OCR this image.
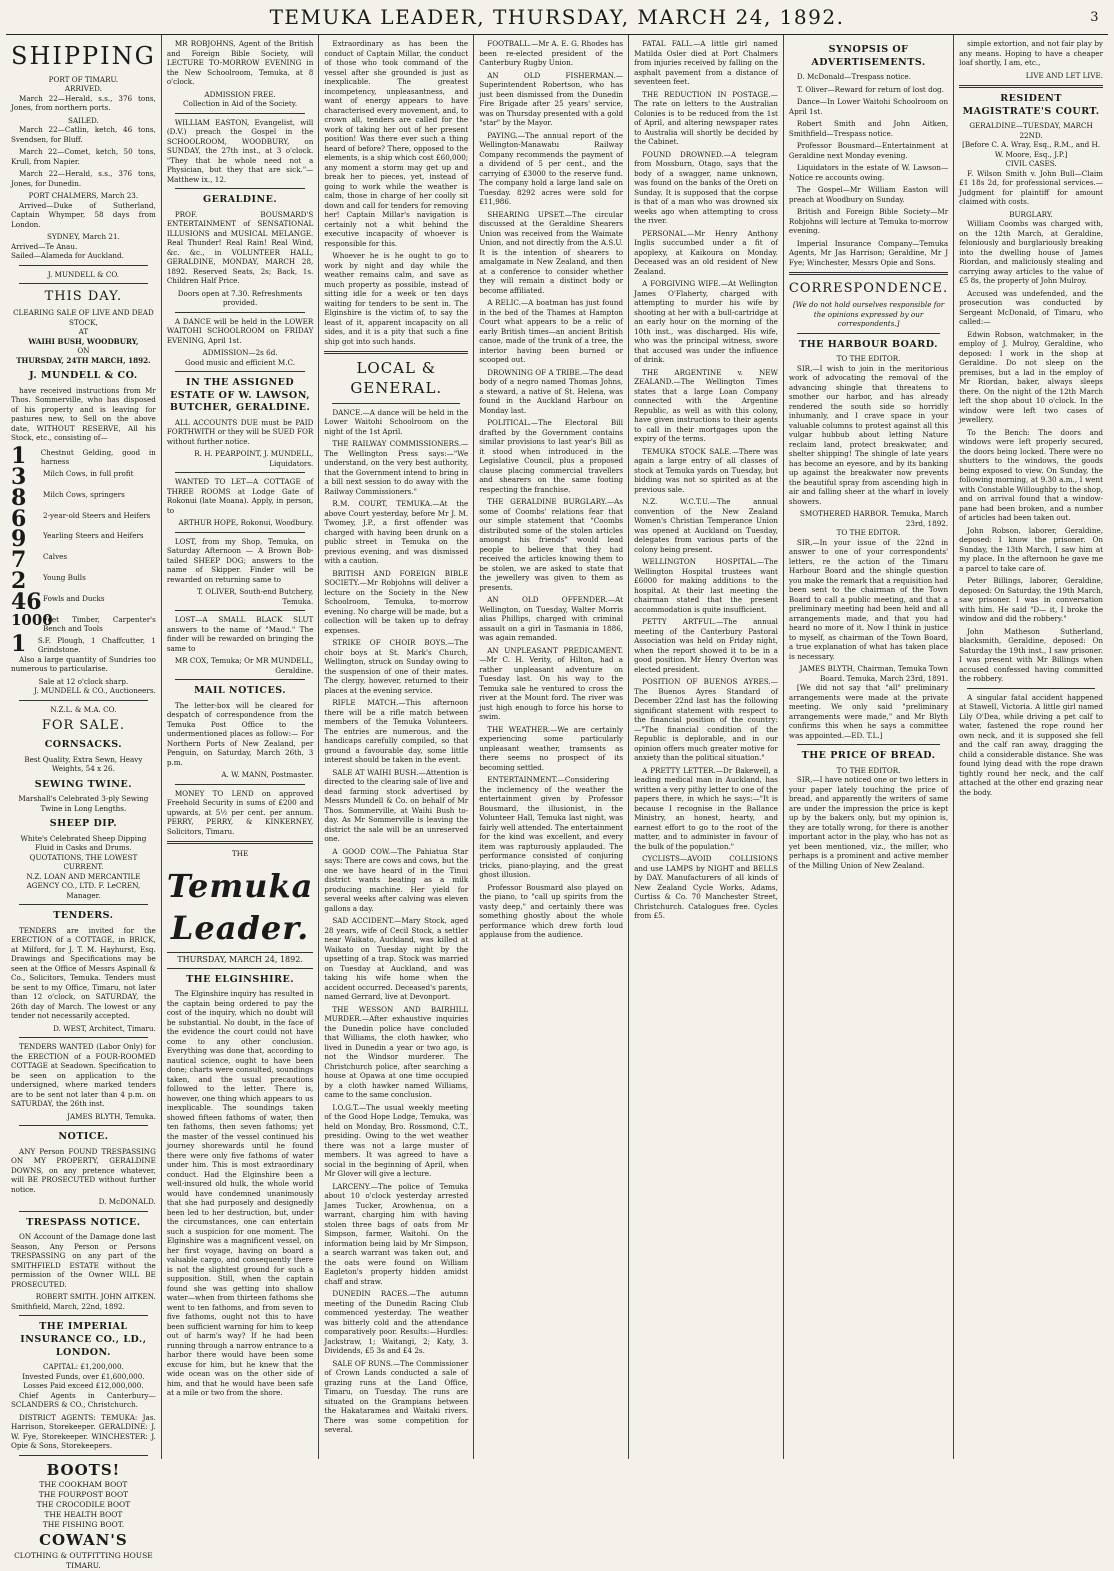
TEMUKA LEADER, THURSDAY, MARCH 24, 1892.	3
SHIPPING
PORT OF TIMARU.
ARRIVED.

March 22—Herald, s.s., 376 tons, Jones, from northern ports.

SAILED.

March 22—Catlin, ketch, 46 tons, Svendsen, for Bluff.

March 22—Comet, ketch, 50 tons, Krull, from Napier.

March 22—Herald, s.s., 376 tons, Jones, for Dunedin.

PORT CHALMERS, March 23.

Arrived—Duke of Sutherland, Captain Whymper, 58 days from London.

SYDNEY, March 21.
Arrived—Te Anau.
Sailed—Alameda for Auckland.
J. MUNDELL & CO.
THIS DAY.
CLEARING SALE OF LIVE AND DEAD STOCK,
AT
WAIHI BUSH, WOODBURY,
ON
THURSDAY, 24TH MARCH, 1892.
J. MUNDELL & CO.

have received instructions from Mr Thos. Sommerville, who has disposed of his property and is leaving for pastures new, to Sell on the above date, WITHOUT RESERVE, All his Stock, etc., consisting of—

1	Chestnut Gelding, good in harness
3	Milch Cows, in full profit
8	Milch Cows, springers
6	2-year-old Steers and Heifers
9	Yearling Steers and Heifers
7	Calves
2	Young Bulls
46 Fowls and Ducks
1000
Feet Timber, Carpenter's Bench and Tools
1	S.F. Plough, 1 Chaffcutter, 1 Grindstone.

Also a large quantity of Sundries too numerous to particularise.

Sale at 12 o'clock sharp.
J. MUNDELL & CO., Auctioneers.
N.Z.L. & M.A. CO.
FOR SALE.
CORNSACKS.
Best Quality, Extra Sewn, Heavy Weights, 54 x 26.
SEWING TWINE.
Marshall's Celebrated 3-ply Sewing Twine in Long Lengths.
SHEEP DIP.
White's Celebrated Sheep Dipping Fluid in Casks and Drums. QUOTATIONS, THE LOWEST CURRENT.
N.Z. LOAN AND MERCANTILE AGENCY CO., LTD. F. LeCREN, Manager.
TENDERS.

TENDERS are invited for the ERECTION of a COTTAGE, in BRICK, at Milford, for J. T. M. Hayhurst, Esq. Drawings and Specifications may be seen at the Office of Messrs Aspinall & Co., Solicitors, Temuka. Tenders must be sent to my Office, Timaru, not later than 12 o'clock, on SATURDAY, the 26th day of March. The lowest or any tender not necessarily accepted.

D. WEST, Architect, Timaru.

TENDERS WANTED (Labor Only) for the ERECTION of a FOUR-ROOMED COTTAGE at Seadown. Specification to be seen on application to the undersigned, where marked tenders are to be sent not later than 4 p.m. on SATURDAY, the 26th inst.

JAMES BLYTH, Temuka.
NOTICE.

ANY Person FOUND TRESPASSING ON MY PROPERTY, GERALDINE DOWNS, on any pretence whatever, will BE PROSECUTED without further notice.

D. McDONALD.
TRESPASS NOTICE.

ON Account of the Damage done last Season, Any Person or Persons TRESPASSING on any part of the SMITHFIELD ESTATE without the permission of the Owner WILL BE PROSECUTED.

ROBERT SMITH. JOHN AITKEN.
Smithfield, March, 22nd, 1892.
THE IMPERIAL INSURANCE CO., LD., LONDON.
CAPITAL: £1,200,000.
Invested Funds, over £1,600,000. Losses Paid exceed £12,000,000.

Chief Agents in Canterbury— SCLANDERS & CO., Christchurch.

DISTRICT AGENTS: TEMUKA: Jas. Harrison, Storekeeper. GERALDINE: J. W. Fye, Storekeeper. WINCHESTER: J. Opie & Sons, Storekeepers.

BOOTS!
THE COOKHAM BOOT
THE FOURPOST BOOT
THE CROCODILE BOOT
THE HEALTH BOOT
THE FISHING BOOT.
COWAN'S
CLOTHING & OUTFITTING HOUSE TIMARU.

MR ROBJOHNS, Agent of the British and Foreign Bible Society, will LECTURE TO-MORROW EVENING in the New Schoolroom, Temuka, at 8 o'clock.

ADMISSION FREE.
Collection in Aid of the Society.

WILLIAM EASTON, Evangelist, will (D.V.) preach the Gospel in the SCHOOLROOM, WOODBURY, on SUNDAY, the 27th inst., at 3 o'clock. "They that be whole need not a Physician, but they that are sick."— Matthew ix., 12.

GERALDINE.

PROF. BOUSMARD'S ENTERTAINMENT of SENSATIONAL ILLUSIONS and MUSICAL MELANGE. Real Thunder! Real Rain! Real Wind, &c. &c., in VOLUNTEER HALL, GERALDINE, MONDAY, MARCH 28, 1892. Reserved Seats, 2s; Back, 1s. Children Half Price.

Doors open at 7.30. Refreshments provided.

A DANCE will be held in the LOWER WAITOHI SCHOOLROOM on FRIDAY EVENING, April 1st.

ADMISSION—2s 6d.
Good music and efficient M.C.
IN THE ASSIGNED ESTATE OF W. LAWSON, BUTCHER, GERALDINE.

ALL ACCOUNTS DUE must be PAID FORTHWITH or they will be SUED FOR without further notice.

R. H. PEARPOINT, J. MUNDELL, Liquidators.

WANTED TO LET—A COTTAGE of THREE ROOMS at Lodge Gate of Rokonui (late Moana). Apply, in person, to

ARTHUR HOPE, Rokonui, Woodbury.

LOST, from my Shop, Temuka, on Saturday Afternoon — A Brown Bob-tailed SHEEP DOG; answers to the name of Skipper. Finder will be rewarded on returning same to

T. OLIVER, South-end Butchery, Temuka.

LOST—A SMALL BLACK SLUT answers to the name of "Maud." The finder will be rewarded on bringing the same to

MR COX, Temuka; Or MR MUNDELL, Geraldine.
MAIL NOTICES.

The letter-box will be cleared for despatch of correspondence from the Temuka Post Office to the undermentioned places as follow:— For Northern Ports of New Zealand, per Penguin, on Saturday, March 26th, 3 p.m.

A. W. MANN, Postmaster.

MONEY TO LEND on approved Freehold Security in sums of £200 and upwards, at 5½ per cent. per annum. PERRY, PERRY, & KINKERNEY, Solicitors, Timaru.

THE
Temuka Leader.
THURSDAY, MARCH 24, 1892.
THE ELGINSHIRE.

The Elginshire inquiry has resulted in the captain being ordered to pay the cost of the inquiry, which no doubt will be substantial. No doubt, in the face of the evidence the court could not have come to any other conclusion. Everything was done that, according to nautical science, ought to have been done; charts were consulted, soundings taken, and the usual precautions followed to the letter. There is, however, one thing which appears to us inexplicable. The soundings taken showed fifteen fathoms of water, then ten fathoms, then seven fathoms; yet the master of the vessel continued his journey shorewards until he found there were only five fathoms of water under him. This is most extraordinary conduct. Had the Elginshire been a well-insured old hulk, the whole world would have condemned unanimously that she had purposely and designedly been led to her destruction, but, under the circumstances, one can entertain such a suspicion for one moment. The Elginshire was a magnificent vessel, on her first voyage, having on board a valuable cargo, and consequently there is not the slightest ground for such a supposition. Still, when the captain found she was getting into shallow water—when from thirteen fathoms she went to ten fathoms, and from seven to five fathoms, ought not this to have been sufficient warning for him to keep out of harm's way? If he had been running through a narrow entrance to a harbor there would have been some excuse for him, but he knew that the wide ocean was on the other side of him, and that he would have been safe at a mile or two from the shore.

Extraordinary as has been the conduct of Captain Millar, the conduct of those who took command of the vessel after she grounded is just as inexplicable. The greatest incompetency, unpleasantness, and want of energy appears to have characterised every movement, and, to crown all, tenders are called for the work of taking her out of her present position! Was there ever such a thing heard of before? There, opposed to the elements, is a ship which cost £60,000; any moment a storm may get up and break her to pieces, yet, instead of going to work while the weather is calm, those in charge of her coolly sit down and call for tenders for removing her! Captain Millar's navigation is certainly not a whit behind the executive incapacity of whoever is responsible for this.

Whoever he is he ought to go to work by night and day while the weather remains calm, and save as much property as possible, instead of sitting idle for a week or ten days waiting for tenders to be sent in. The Elginshire is the victim of, to say the least of it, apparent incapacity on all sides, and it is a pity that such a fine ship got into such hands.

LOCAL & GENERAL.

DANCE.—A dance will be held in the Lower Waitohi Schoolroom on the night of the 1st April.

THE RAILWAY COMMISSIONERS.—The Wellington Press says:—"We understand, on the very best authority, that the Government intend to bring in a bill next session to do away with the Railway Commissioners."

R.M. COURT, TEMUKA.—At the above Court yesterday, before Mr J. M. Twomey, J.P., a first offender was charged with having been drunk on a public street in Temuka on the previous evening, and was dismissed with a caution.

BRITISH AND FOREIGN BIBLE SOCIETY.—Mr Robjohns will deliver a lecture on the Society in the New Schoolroom, Temuka, to-morrow evening. No charge will be made, but a collection will be taken up to defray expenses.

STRIKE OF CHOIR BOYS.—The choir boys at St. Mark's Church, Wellington, struck on Sunday owing to the suspension of one of their mates. The clergy, however, returned to their places at the evening service.

RIFLE MATCH.—This afternoon there will be a rifle match between members of the Temuka Volunteers. The entries are numerous, and the handicaps carefully compiled, so that ground a favourable day, some little interest should be taken in the event.

SALE AT WAIHI BUSH.—Attention is directed to the clearing sale of live and dead farming stock advertised by Messrs Mundell & Co. on behalf of Mr Thos. Sommerville, at Waihi Bush to-day. As Mr Sommerville is leaving the district the sale will be an unreserved one.

A GOOD COW.—The Pahiatua Star says: There are cows and cows, but the one we have heard of in the Tinui district wants beating as a milk producing machine. Her yield for several weeks after calving was eleven gallons a day.

SAD ACCIDENT.—Mary Stock, aged 28 years, wife of Cecil Stock, a settler near Waikato, Auckland, was killed at Waikato on Tuesday night by the upsetting of a trap. Stock was married on Tuesday at Auckland, and was taking his wife home when the accident occurred. Deceased's parents, named Gerrard, live at Devonport.

THE WESSON AND BAIRHILL MURDER.—After exhaustive inquiries the Dunedin police have concluded that Williams, the cloth hawker, who lived in Dunedin a year or two ago, is not the Windsor murderer. The Christchurch police, after searching a house at Opawa at one time occupied by a cloth hawker named Williams, came to the same conclusion.

I.O.G.T.—The usual weekly meeting of the Good Hope Lodge, Temuka, was held on Monday, Bro. Rossmond, C.T., presiding. Owing to the wet weather there was not a large muster of members. It was agreed to have a social in the beginning of April, when Mr Glover will give a lecture.

LARCENY.—The police of Temuka about 10 o'clock yesterday arrested James Tucker, Arowhenua, on a warrant, charging him with having stolen three bags of oats from Mr Simpson, farmer, Waitohi. On the information being laid by Mr Simpson, a search warrant was taken out, and the oats were found on William Eagleton's property hidden amidst chaff and straw.

DUNEDIN RACES.—The autumn meeting of the Dunedin Racing Club commenced yesterday. The weather was bitterly cold and the attendance comparatively poor. Results:—Hurdles: Jackstraw, 1; Waitangi, 2; Katy, 3. Dividends, £5 3s and £4 2s.

SALE OF RUNS.—The Commissioner of Crown Lands conducted a sale of grazing runs at the Land Office, Timaru, on Tuesday. The runs are situated on the Grampians between the Hakataramea and Waitaki rivers. There was some competition for several.

FOOTBALL.—Mr A. E. G. Rhodes has been re-elected president of the Canterbury Rugby Union.

AN OLD FISHERMAN.—Superintendent Robertson, who has just been dismissed from the Dunedin Fire Brigade after 25 years' service, was on Thursday presented with a gold "star" by the Mayor.

PAYING.—The annual report of the Wellington-Manawatu Railway Company recommends the payment of a dividend of 5 per cent., and the carrying of £3000 to the reserve fund. The company hold a large land sale on Tuesday. 8292 acres were sold for £11,986.

SHEARING UPSET.—The circular discussed at the Geraldine Shearers Union was received from the Waimate Union, and not directly from the A.S.U. It is the intention of shearers to amalgamate in New Zealand, and then at a conference to consider whether they will remain a distinct body or become affiliated.

A RELIC.—A boatman has just found in the bed of the Thames at Hampton Court what appears to be a relic of early British times—an ancient British canoe, made of the trunk of a tree, the interior having been burned or scooped out.

DROWNING OF A TRIBE.—The dead body of a negro named Thomas Johns, a steward, a native of St. Helena, was found in the Auckland Harbour on Monday last.

POLITICAL.—The Electoral Bill drafted by the Government contains similar provisions to last year's Bill as it stood when introduced in the Legislative Council, plus a proposed clause placing commercial travellers and shearers on the same footing respecting the franchise.

THE GERALDINE BURGLARY.—As some of Coombs' relations fear that our simple statement that "Coombs distributed some of the stolen articles amongst his friends" would lead people to believe that they had received the articles knowing them to be stolen, we are asked to state that the jewellery was given to them as presents.

AN OLD OFFENDER.—At Wellington, on Tuesday, Walter Morris alias Phillips, charged with criminal assault on a girl in Tasmania in 1886, was again remanded.

AN UNPLEASANT PREDICAMENT.—Mr C. H. Verity, of Hilton, had a rather unpleasant adventure on Tuesday last. On his way to the Temuka sale he ventured to cross the river at the Mount ford. The river was just high enough to force his horse to swim.

THE WEATHER.—We are certainly experiencing some particularly unpleasant weather, tramsents as there seems no prospect of its becoming settled.

ENTERTAINMENT.—Considering the inclemency of the weather the entertainment given by Professor Bousmard, the illusionist, in the Volunteer Hall, Temuka last night, was fairly well attended. The entertainment for the kind was excellent, and every item was rapturously applauded. The performance consisted of conjuring tricks, piano-playing, and the great ghost illusion.

Professor Bousmard also played on the piano, to "call up spirits from the vasty deep," and certainly there was something ghostly about the whole performance which drew forth loud applause from the audience.

FATAL FALL.—A little girl named Matilda Osler died at Port Chalmers from injuries received by falling on the asphalt pavement from a distance of seventeen feet.

THE REDUCTION IN POSTAGE.—The rate on letters to the Australian Colonies is to be reduced from the 1st of April, and altering newspaper rates to Australia will shortly be decided by the Cabinet.

FOUND DROWNED.—A telegram from Mossburn, Otago, says that the body of a swagger, name unknown, was found on the banks of the Oreti on Sunday. It is supposed that the corpse is that of a man who was drowned six weeks ago when attempting to cross the river.

PERSONAL.—Mr Henry Anthony Inglis succumbed under a fit of apoplexy, at Kaikoura on Monday. Deceased was an old resident of New Zealand.

A FORGIVING WIFE.—At Wellington James O'Flaherty, charged with attempting to murder his wife by shooting at her with a bull-cartridge at an early hour on the morning of the 10th inst., was discharged. His wife, who was the principal witness, swore that accused was under the influence of drink.

THE ARGENTINE v. NEW ZEALAND.—The Wellington Times states that a large Loan Company connected with the Argentine Republic, as well as with this colony, have given instructions to their agents to call in their mortgages upon the expiry of the terms.

TEMUKA STOCK SALE.—There was again a large entry of all classes of stock at Temuka yards on Tuesday, but bidding was not so spirited as at the previous sale.

N.Z. W.C.T.U.—The annual convention of the New Zealand Women's Christian Temperance Union was opened at Auckland on Tuesday, delegates from various parts of the colony being present.

WELLINGTON HOSPITAL.—The Wellington Hospital trustees want £6000 for making additions to the hospital. At their last meeting the chairman stated that the present accommodation is quite insufficient.

PETTY ARTFUL.—The annual meeting of the Canterbury Pastoral Association was held on Friday night, when the report showed it to be in a good position. Mr Henry Overton was elected president.

POSITION OF BUENOS AYRES.—The Buenos Ayres Standard of December 22nd last has the following significant statement with respect to the financial position of the country:—"The financial condition of the Republic is deplorable, and in our opinion offers much greater motive for anxiety than the political situation."

A PRETTY LETTER.—Dr Bakewell, a leading medical man in Auckland, has written a very pithy letter to one of the papers there, in which he says:—"It is because I recognise in the Ballance Ministry, an honest, hearty, and earnest effort to go to the root of the matter, and to administer in favour of the bulk of the population."

CYCLISTS—AVOID COLLISIONS and use LAMPS by NIGHT and BELLS by DAY. Manufacturers of all kinds of New Zealand Cycle Works, Adams, Curtiss & Co. 70 Manchester Street, Christchurch. Catalogues free. Cycles from £5.

SYNOPSIS OF ADVERTISEMENTS.

D. McDonald—Trespass notice.

T. Oliver—Reward for return of lost dog.

Dance—In Lower Waitohi Schoolroom on April 1st.

Robert Smith and John Aitken, Smithfield—Trespass notice.

Professor Bousmard—Entertainment at Geraldine next Monday evening.

Liquidators in the estate of W. Lawson—Notice re accounts owing.

The Gospel—Mr William Easton will preach at Woodbury on Sunday.

British and Foreign Bible Society—Mr Robjohns will lecture at Temuka to-morrow evening.

Imperial Insurance Company—Temuka Agents, Mr Jas Harrison; Geraldine, Mr J Fye; Winchester, Messrs Opie and Sons.

CORRESPONDENCE.
[We do not hold ourselves responsible for the opinions expressed by our correspondents.]
THE HARBOUR BOARD.
TO THE EDITOR.

SIR,—I wish to join in the meritorious work of advocating the removal of the advancing shingle that threatens to smother our harbor, and has already rendered the south side so horridly inhumanly, and I crave space in your valuable columns to protest against all this vulgar hubbub about letting Nature reclaim land, protect breakwater, and shelter shipping! The shingle of late years has become an eyesore, and by its banking up against the breakwater now prevents the beautiful spray from ascending high in air and falling sheer at the wharf in lovely showers.

SMOTHERED HARBOR. Temuka, March 23rd, 1892.
TO THE EDITOR.

SIR,—In your issue of the 22nd in answer to one of your correspondents' letters, re the action of the Timaru Harbour Board and the shingle question you make the remark that a requisition had been sent to the chairman of the Town Board to call a public meeting, and that a preliminary meeting had been held and all arrangements made, and that you had heard no more of it. Now I think in justice to myself, as chairman of the Town Board, a true explanation of what has taken place is necessary.

JAMES BLYTH, Chairman, Temuka Town Board. Temuka, March 23rd, 1891.

[We did not say that "all" preliminary arrangements were made at the private meeting. We only said "preliminary arrangements were made," and Mr Blyth confirms this when he says a committee was appointed.—ED. T.L.]

THE PRICE OF BREAD.
TO THE EDITOR.

SIR,—I have noticed one or two letters in your paper lately touching the price of bread, and apparently the writers of same are under the impression the price is kept up by the bakers only, but my opinion is, they are totally wrong, for there is another important actor in the play, who has not as yet been mentioned, viz., the miller, who perhaps is a prominent and active member of the Milling Union of New Zealand.

simple extortion, and not fair play by any means. Hoping to have a cheaper loaf shortly, I am, etc.,

LIVE AND LET LIVE.
RESIDENT MAGISTRATE'S COURT.
GERALDINE—TUESDAY, MARCH 22ND.
[Before C. A. Wray, Esq., R.M., and H. W. Moore, Esq., J.P.]
CIVIL CASES.

F. Wilson Smith v. John Bull—Claim £1 18s 2d, for professional services.—Judgment for plaintiff for amount claimed with costs.

BURGLARY.

William Coombs was charged with, on the 12th March, at Geraldine, feloniously and burglariously breaking into the dwelling house of James Riordan, and maliciously stealing and carrying away articles to the value of £5 8s, the property of John Mulroy.

Accused was undefended, and the prosecution was conducted by Sergeant McDonald, of Timaru, who called:—

Edwin Robson, watchmaker, in the employ of J. Mulroy, Geraldine, who deposed: I work in the shop at Geraldine. Do not sleep on the premises, but a lad in the employ of Mr Riordan, baker, always sleeps there. On the night of the 12th March left the shop about 10 o'clock. In the window were left two cases of jewellery.

To the Bench: The doors and windows were left properly secured, the doors being locked. There were no shutters to the windows, the goods being exposed to view. On Sunday, the following morning, at 9.30 a.m., I went with Constable Willoughby to the shop, and on arrival found that a window-pane had been broken, and a number of articles had been taken out.

John Robson, laborer, Geraldine, deposed: I know the prisoner. On Sunday, the 13th March, I saw him at my place. In the afternoon he gave me a parcel to take care of.

Peter Billings, laborer, Geraldine, deposed: On Saturday, the 19th March, saw prisoner. I was in conversation with him. He said "D— it, I broke the window and did the robbery."

John Matheson Sutherland, blacksmith, Geraldine, deposed: On Saturday the 19th inst., I saw prisoner. I was present with Mr Billings when accused confessed having committed the robbery.

A singular fatal accident happened at Stawell, Victoria. A little girl named Lily O'Dea, while driving a pet calf to water, fastened the rope round her own neck, and it is supposed she fell and the calf ran away, dragging the child a considerable distance. She was found lying dead with the rope drawn tightly round her neck, and the calf attached at the other end grazing near the body.
